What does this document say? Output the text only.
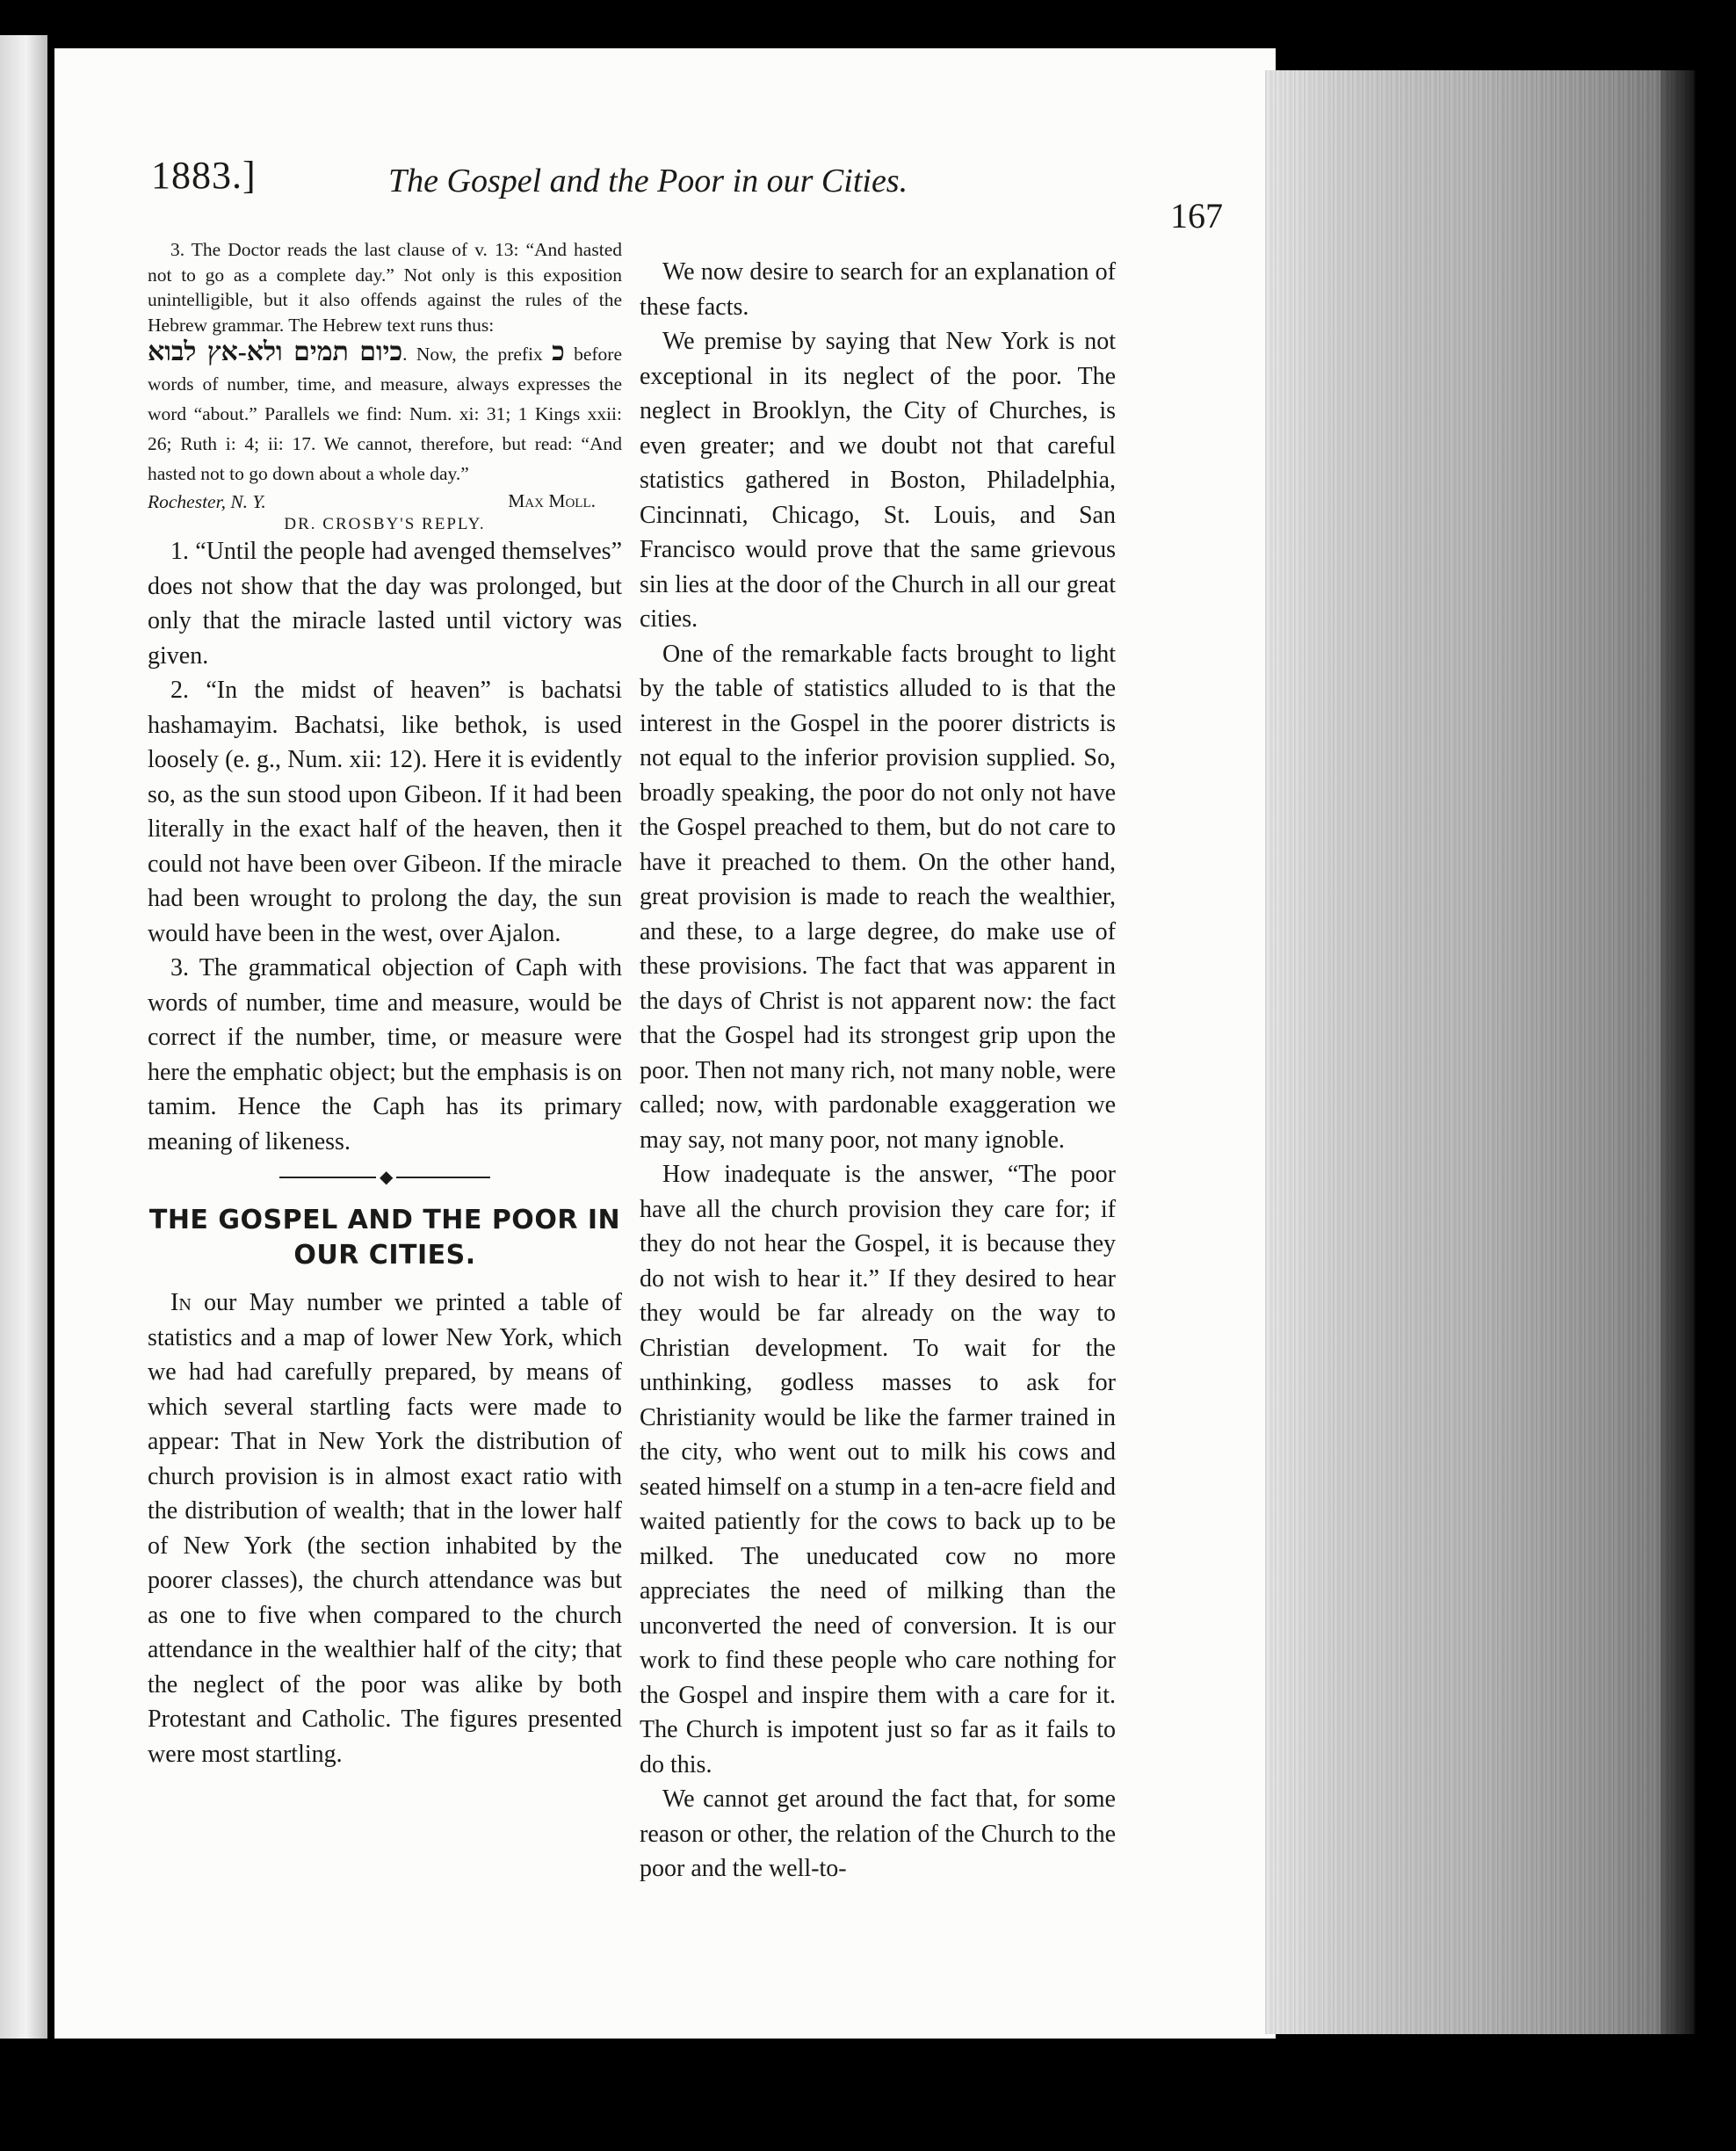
1883.]	The Gospel and the Poor in our Cities.
167

3. The Doctor reads the last clause of v. 13: “And hasted not to go as a complete day.” Not only is this exposition unintelligible, but it also offends against the rules of the Hebrew grammar. The Hebrew text runs thus:

כיום תמים ולא-אץ לבוא. Now, the prefix כ before words of number, time, and measure, always expresses the word “about.” Parallels we find: Num. xi: 31; 1 Kings xxii: 26; Ruth i: 4; ii: 17. We cannot, therefore, but read: “And hasted not to go down about a whole day.”

Max Moll.

Rochester, N. Y.

DR. CROSBY'S REPLY.

1. “Until the people had avenged themselves” does not show that the day was prolonged, but only that the miracle lasted until victory was given.

2. “In the midst of heaven” is bachatsi hashamayim. Bachatsi, like bethok, is used loosely (e. g., Num. xii: 12). Here it is evidently so, as the sun stood upon Gibeon. If it had been literally in the exact half of the heaven, then it could not have been over Gibeon. If the miracle had been wrought to prolong the day, the sun would have been in the west, over Ajalon.

3. The grammatical objection of Caph with words of number, time and measure, would be correct if the number, time, or measure were here the emphatic object; but the emphasis is on tamim. Hence the Caph has its primary meaning of likeness.

◆
THE GOSPEL AND THE POOR IN OUR CITIES.

In our May number we printed a table of statistics and a map of lower New York, which we had had carefully prepared, by means of which several startling facts were made to appear: That in New York the distribution of church provision is in almost exact ratio with the distribution of wealth; that in the lower half of New York (the section inhabited by the poorer classes), the church attendance was but as one to five when compared to the church attendance in the wealthier half of the city; that the neglect of the poor was alike by both Protestant and Catholic. The figures presented were most startling.

We now desire to search for an explanation of these facts.

We premise by saying that New York is not exceptional in its neglect of the poor. The neglect in Brooklyn, the City of Churches, is even greater; and we doubt not that careful statistics gathered in Boston, Philadelphia, Cincinnati, Chicago, St. Louis, and San Francisco would prove that the same grievous sin lies at the door of the Church in all our great cities.

One of the remarkable facts brought to light by the table of statistics alluded to is that the interest in the Gospel in the poorer districts is not equal to the inferior provision supplied. So, broadly speaking, the poor do not only not have the Gospel preached to them, but do not care to have it preached to them. On the other hand, great provision is made to reach the wealthier, and these, to a large degree, do make use of these provisions. The fact that was apparent in the days of Christ is not apparent now: the fact that the Gospel had its strongest grip upon the poor. Then not many rich, not many noble, were called; now, with pardonable exaggeration we may say, not many poor, not many ignoble.

How inadequate is the answer, “The poor have all the church provision they care for; if they do not hear the Gospel, it is because they do not wish to hear it.” If they desired to hear they would be far already on the way to Christian development. To wait for the unthinking, godless masses to ask for Christianity would be like the farmer trained in the city, who went out to milk his cows and seated himself on a stump in a ten-acre field and waited patiently for the cows to back up to be milked. The uneducated cow no more appreciates the need of milking than the unconverted the need of conversion. It is our work to find these people who care nothing for the Gospel and inspire them with a care for it. The Church is impotent just so far as it fails to do this.

We cannot get around the fact that, for some reason or other, the relation of the Church to the poor and the well-to-
